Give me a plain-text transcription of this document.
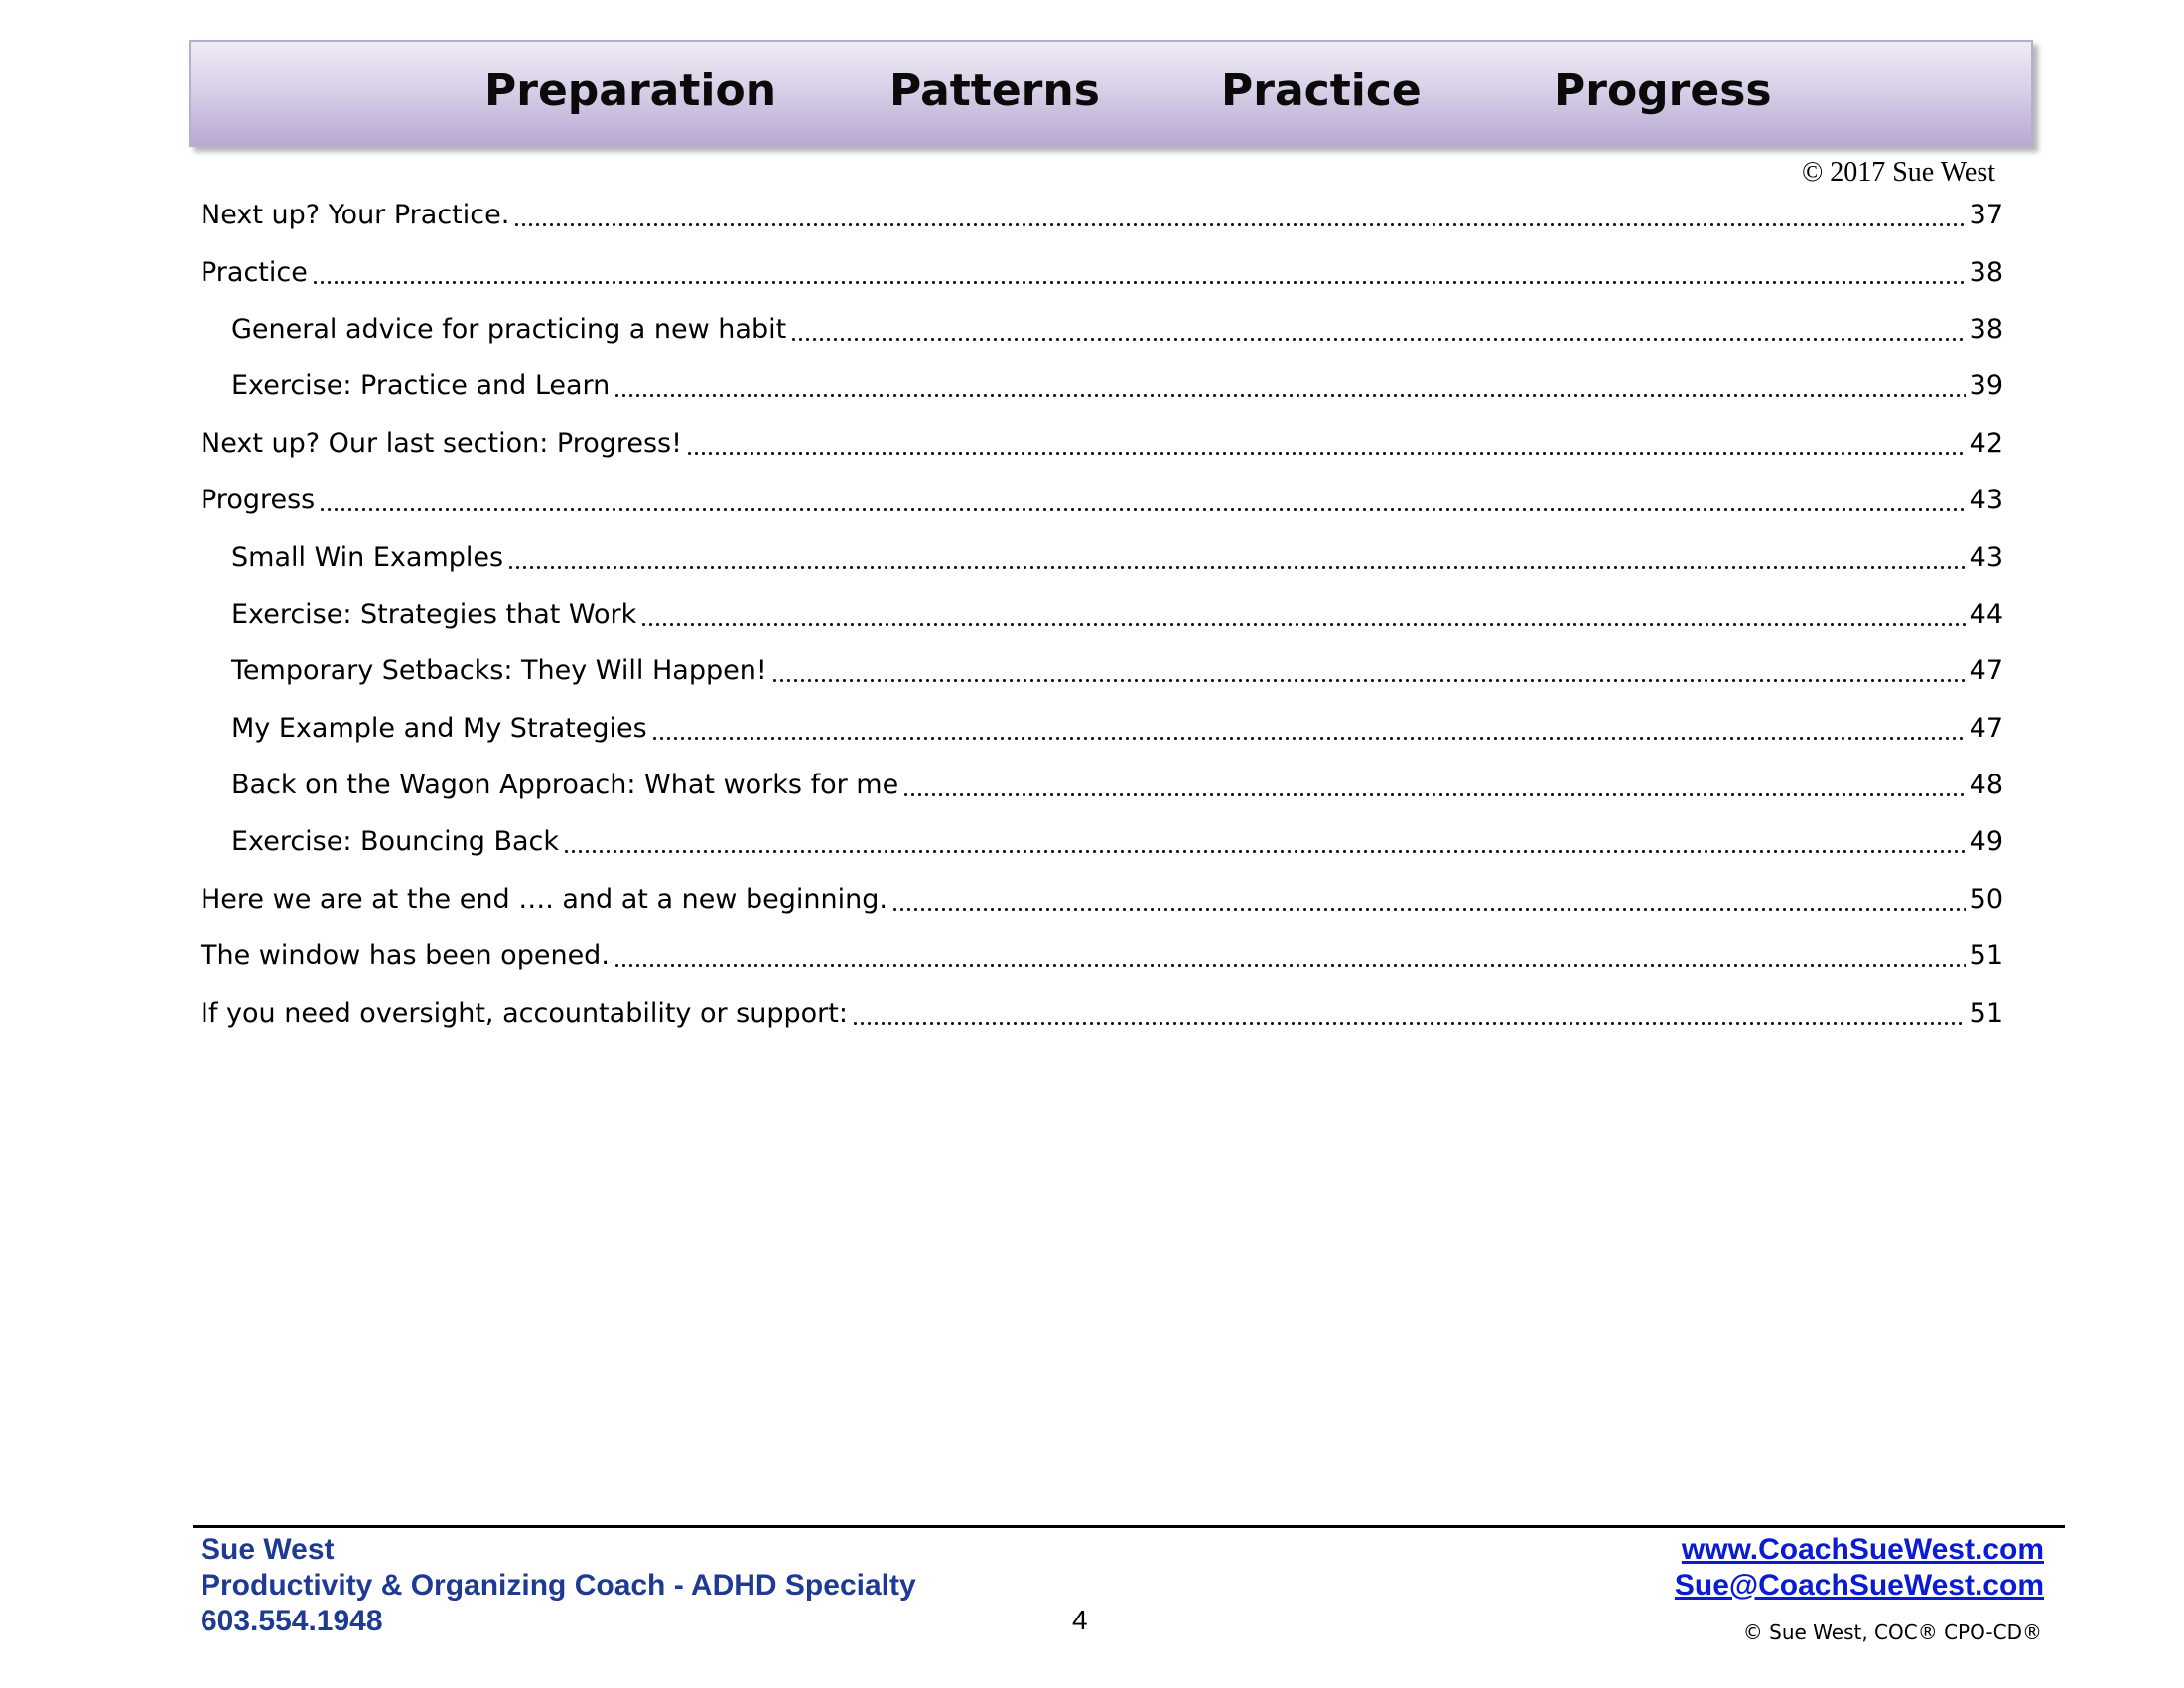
Preparation	Patterns	Practice	Progress
© 2017 Sue West
Next up? Your Practice.	37
Practice	38
General advice for practicing a new habit	38
Exercise: Practice and Learn	39
Next up? Our last section: Progress!	42
Progress	43
Small Win Examples	43
Exercise: Strategies that Work	44
Temporary Setbacks: They Will Happen!	47
My Example and My Strategies	47
Back on the Wagon Approach: What works for me	48
Exercise: Bouncing Back	49
Here we are at the end …. and at a new beginning.	50
The window has been opened.	51
If you need oversight, accountability or support:	51
Sue West
Productivity & Organizing Coach - ADHD Specialty
603.554.1948	4
www.CoachSueWest.com
Sue@CoachSueWest.com
© Sue West, COC® CPO-CD®
